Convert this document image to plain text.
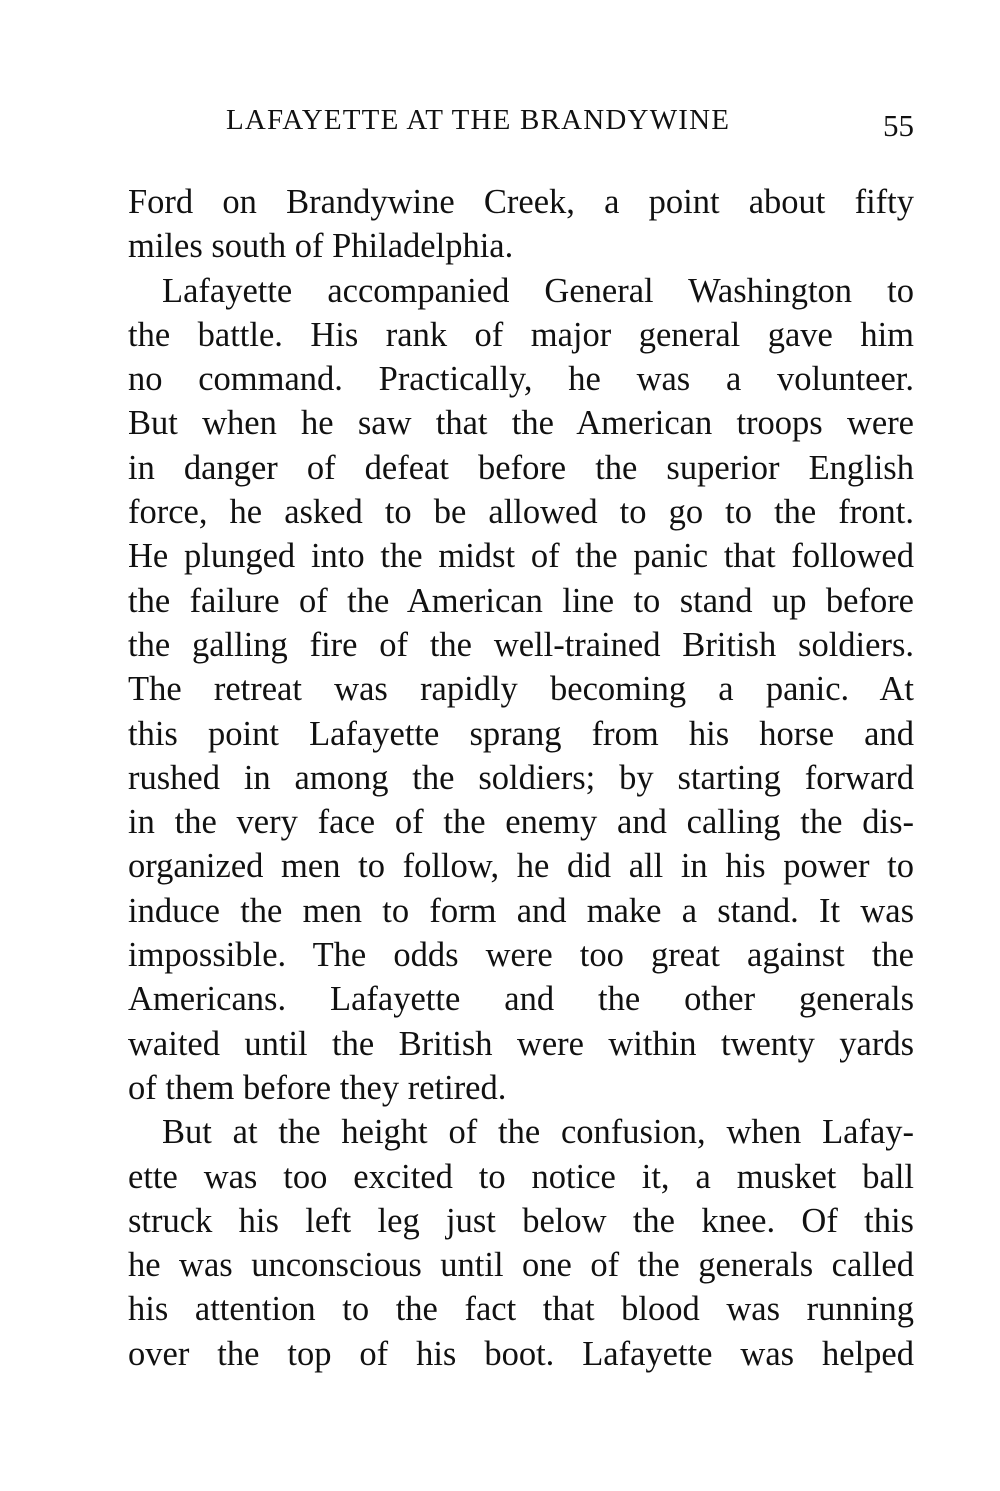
LAFAYETTE AT THE BRANDYWINE	55
Ford on Brandywine Creek, a point about fifty
miles south of Philadelphia.
Lafayette accompanied General Washington to
the battle. His rank of major general gave him
no command. Practically, he was a volunteer.
But when he saw that the American troops were
in danger of defeat before the superior English
force, he asked to be allowed to go to the front.
He plunged into the midst of the panic that followed
the failure of the American line to stand up before
the galling fire of the well-trained British soldiers.
The retreat was rapidly becoming a panic. At
this point Lafayette sprang from his horse and
rushed in among the soldiers; by starting forward
in the very face of the enemy and calling the dis-
organized men to follow, he did all in his power to
induce the men to form and make a stand. It was
impossible. The odds were too great against the
Americans. Lafayette and the other generals
waited until the British were within twenty yards
of them before they retired.
But at the height of the confusion, when Lafay-
ette was too excited to notice it, a musket ball
struck his left leg just below the knee. Of this
he was unconscious until one of the generals called
his attention to the fact that blood was running
over the top of his boot. Lafayette was helped
